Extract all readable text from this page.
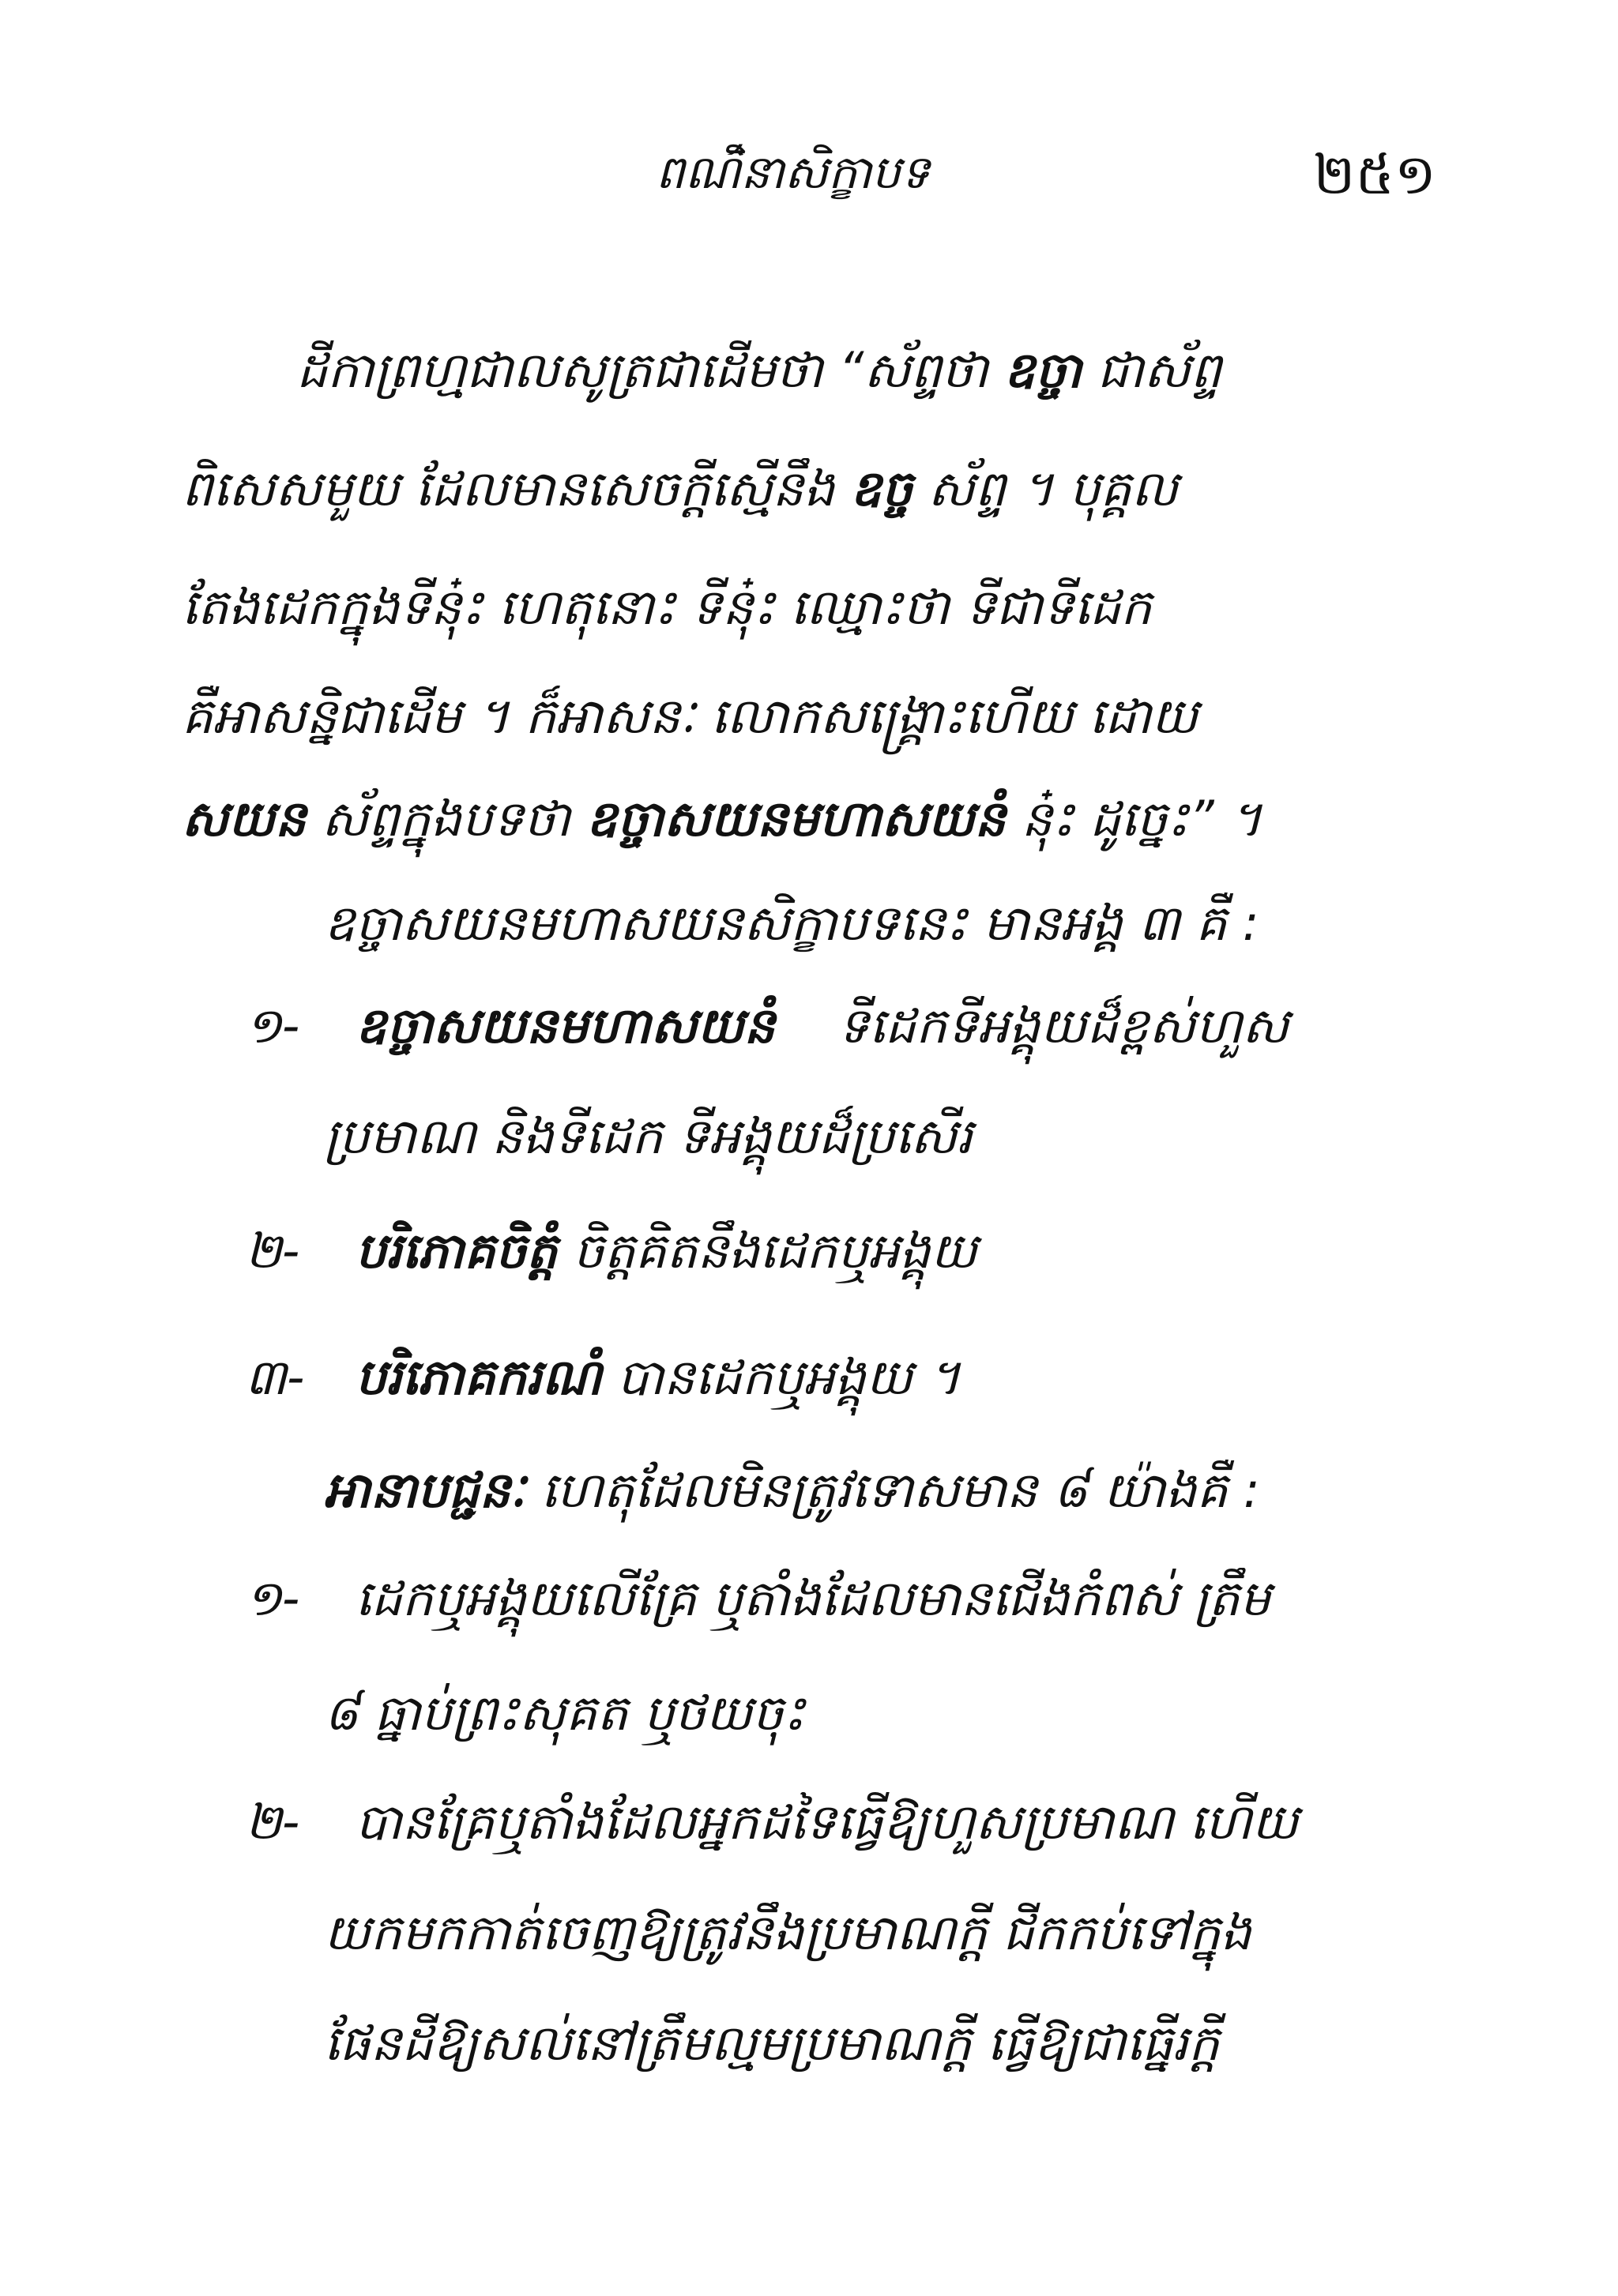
ពណ៌ិនាសិក្ខាបទ	២៥១
ដីកាព្រហ្មជាលសូត្រជាដើមថា “ស័ព្ទថា ឧច្ចា ជាស័ព្ទ
ពិសេសមួយ ដែលមានសេចក្ដីស្មើនឹង ឧច្ច ស័ព្ទ ។ បុគ្គល
តែងដេកក្នុងទីនុ៎ះ ហេតុនោះ ទីនុ៎ះ ឈ្មោះថា ទីជាទីដេក
គឺអាសនិ្នជាដើម ។ ក៏អាសនៈ លោកសង្គ្រោះហើយ ដោយ
សយន ស័ព្ទក្នុងបទថា ឧច្ចាសយនមហាសយនំ នុ៎ះ ដូច្នេះ” ។
ឧច្ចាសយនមហាសយនសិក្ខាបទនេះ មានអង្គ ៣ គឺ :
១- ឧច្ចាសយនមហាសយនំ ទីដេកទីអង្គុយដ៏ខ្ពស់ហួស
ប្រមាណ និងទីដេក ទីអង្គុយដ៏ប្រសើរ
២- បរិភោគចិត្តំ ចិត្តគិតនឹងដេកឬអង្គុយ
៣- បរិភោគករណំ បានដេកឬអង្គុយ ។
អានាបជ្ជនៈ ហេតុដែលមិនត្រូវទោសមាន ៨ យ៉ាងគឺ :
១- ដេកឬអង្គុយលើគ្រែ ឬតាំងដែលមានជើងកំពស់ ត្រឹម
៨ ធ្នាប់ព្រះសុគត ឬថយចុះ
២- បានគ្រែឬតាំងដែលអ្នកដទៃធ្វើឱ្យហួសប្រមាណ ហើយ
យកមកកាត់ចេញឱ្យត្រូវនឹងប្រមាណក្ដី ជីកកប់ទៅក្នុង
ផែនដីឱ្យសល់នៅត្រឹមល្មមប្រមាណក្ដី ធ្វើឱ្យជាធ្នើរក្ដី
